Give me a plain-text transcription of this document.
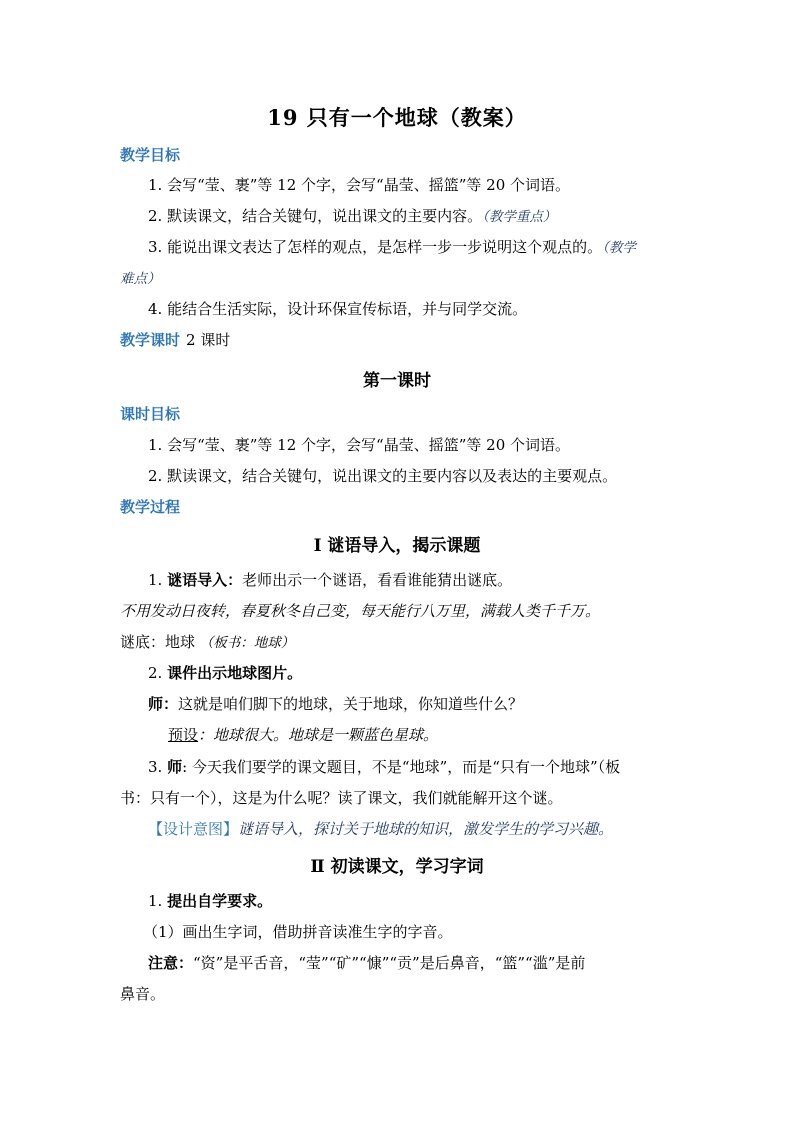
19 只有一个地球（教案）
教学目标
1. 会写“莹、裹”等 12 个字，会写“晶莹、摇篮”等 20 个词语。
2. 默读课文，结合关键句，说出课文的主要内容。（教学重点）
3. 能说出课文表达了怎样的观点，是怎样一步一步说明这个观点的。（教学
难点）
4. 能结合生活实际，设计环保宣传标语，并与同学交流。
教学课时 2 课时
第一课时
课时目标
1. 会写“莹、裹”等 12 个字，会写“晶莹、摇篮”等 20 个词语。
2. 默读课文，结合关键句，说出课文的主要内容以及表达的主要观点。
教学过程
Ⅰ 谜语导入，揭示课题
1. 谜语导入：老师出示一个谜语，看看谁能猜出谜底。
不用发动日夜转，春夏秋冬自己变，每天能行八万里，满载人类千千万。
谜底：地球 （板书：地球）
2. 课件出示地球图片。
师：这就是咱们脚下的地球，关于地球，你知道些什么？
预设：地球很大。地球是一颗蓝色星球。
3. 师: 今天我们要学的课文题目，不是“地球”，而是“只有一个地球”（板
书：只有一个），这是为什么呢？读了课文，我们就能解开这个谜。
【设计意图】谜语导入，探讨关于地球的知识，激发学生的学习兴趣。
Ⅱ 初读课文，学习字词
1. 提出自学要求。
（1）画出生字词，借助拼音读准生字的字音。
注意：“资”是平舌音，“莹”“矿”“慷”“贡”是后鼻音，“篮”“滥”是前
鼻音。
